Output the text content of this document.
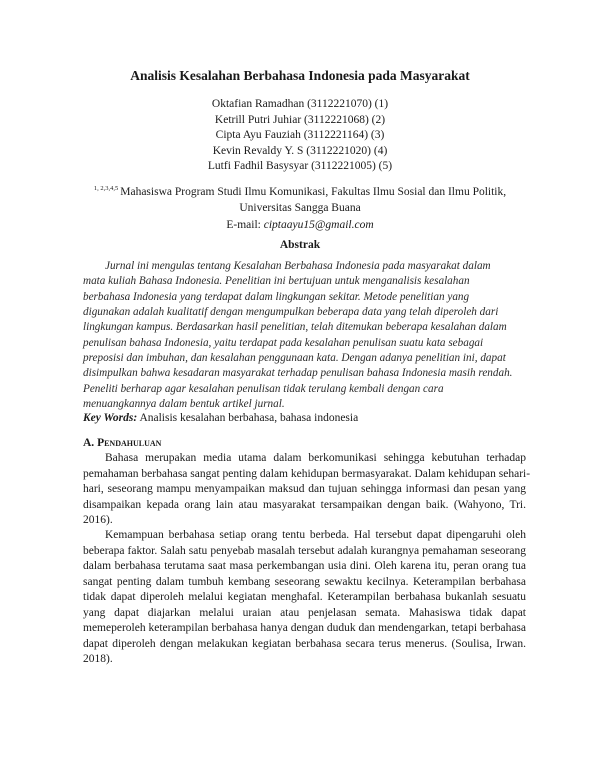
Analisis Kesalahan Berbahasa Indonesia pada Masyarakat
Oktafian Ramadhan (3112221070) (1)
Ketrill Putri Juhiar (3112221068) (2)
Cipta Ayu Fauziah (3112221164) (3)
Kevin Revaldy Y. S (3112221020) (4)
Lutfi Fadhil Basysyar (3112221005) (5)
$^{1, 2,3,4,5}$ Mahasiswa Program Studi Ilmu Komunikasi, Fakultas Ilmu Sosial dan Ilmu Politik,
Universitas Sangga Buana
E-mail: ciptaayu15@gmail.com
Abstrak
Jurnal ini mengulas tentang Kesalahan Berbahasa Indonesia pada masyarakat dalam
mata kuliah Bahasa Indonesia. Penelitian ini bertujuan untuk menganalisis kesalahan
berbahasa Indonesia yang terdapat dalam lingkungan sekitar. Metode penelitian yang
digunakan adalah kualitatif dengan mengumpulkan beberapa data yang telah diperoleh dari
lingkungan kampus. Berdasarkan hasil penelitian, telah ditemukan beberapa kesalahan dalam
penulisan bahasa Indonesia, yaitu terdapat pada kesalahan penulisan suatu kata sebagai
preposisi dan imbuhan, dan kesalahan penggunaan kata. Dengan adanya penelitian ini, dapat
disimpulkan bahwa kesadaran masyarakat terhadap penulisan bahasa Indonesia masih rendah.
Peneliti berharap agar kesalahan penulisan tidak terulang kembali dengan cara
menuangkannya dalam bentuk artikel jurnal.
Key Words: Analisis kesalahan berbahasa, bahasa indonesia
A. Pendahuluan
Bahasa merupakan media utama dalam berkomunikasi sehingga kebutuhan terhadap
pemahaman berbahasa sangat penting dalam kehidupan bermasyarakat. Dalam kehidupan sehari-
hari, seseorang mampu menyampaikan maksud dan tujuan sehingga informasi dan pesan yang
disampaikan kepada orang lain atau masyarakat tersampaikan dengan baik. (Wahyono, Tri.
2016).
Kemampuan berbahasa setiap orang tentu berbeda. Hal tersebut dapat dipengaruhi oleh
beberapa faktor. Salah satu penyebab masalah tersebut adalah kurangnya pemahaman seseorang
dalam berbahasa terutama saat masa perkembangan usia dini. Oleh karena itu, peran orang tua
sangat penting dalam tumbuh kembang seseorang sewaktu kecilnya. Keterampilan berbahasa
tidak dapat diperoleh melalui kegiatan menghafal. Keterampilan berbahasa bukanlah sesuatu
yang dapat diajarkan melalui uraian atau penjelasan semata. Mahasiswa tidak dapat
memeperoleh keterampilan berbahasa hanya dengan duduk dan mendengarkan, tetapi berbahasa
dapat diperoleh dengan melakukan kegiatan berbahasa secara terus menerus. (Soulisa, Irwan.
2018).
